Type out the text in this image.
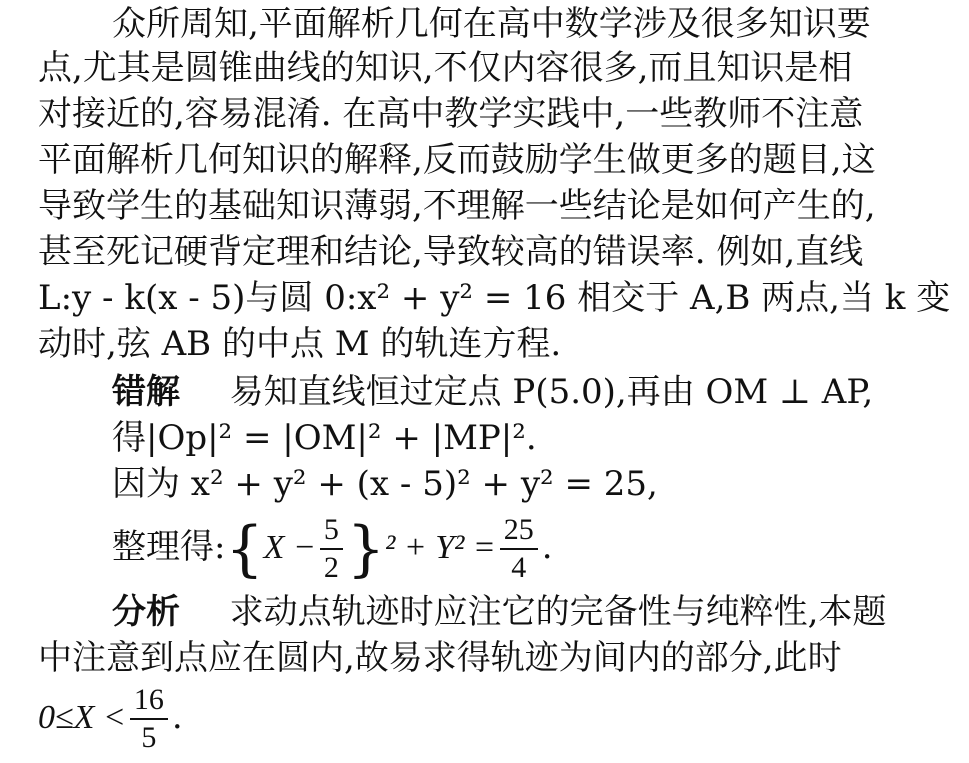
众所周知,平面解析几何在高中数学涉及很多知识要
点,尤其是圆锥曲线的知识,不仅内容很多,而且知识是相
对接近的,容易混淆. 在高中教学实践中,一些教师不注意
平面解析几何知识的解释,反而鼓励学生做更多的题目,这
导致学生的基础知识薄弱,不理解一些结论是如何产生的,
甚至死记硬背定理和结论,导致较高的错误率. 例如,直线
L:y - k(x - 5)与圆 0:x² + y² = 16 相交于 A,B 两点,当 k 变
动时,弦 AB 的中点 M 的轨连方程.
错解 易知直线恒过定点 P(5.0),再由 OM ⊥ AP,
得|Op|² = |OM|² + |MP|².
因为 x² + y² + (x - 5)² + y² = 25,
整理得:{X − $\frac{5}{2} \}^2 + Y^2 = \frac{25}{4}$ .
分析 求动点轨迹时应注它的完备性与纯粹性,本题
中注意到点应在圆内,故易求得轨迹为间内的部分,此时
$0\le X < \frac{16}{5}$ .
